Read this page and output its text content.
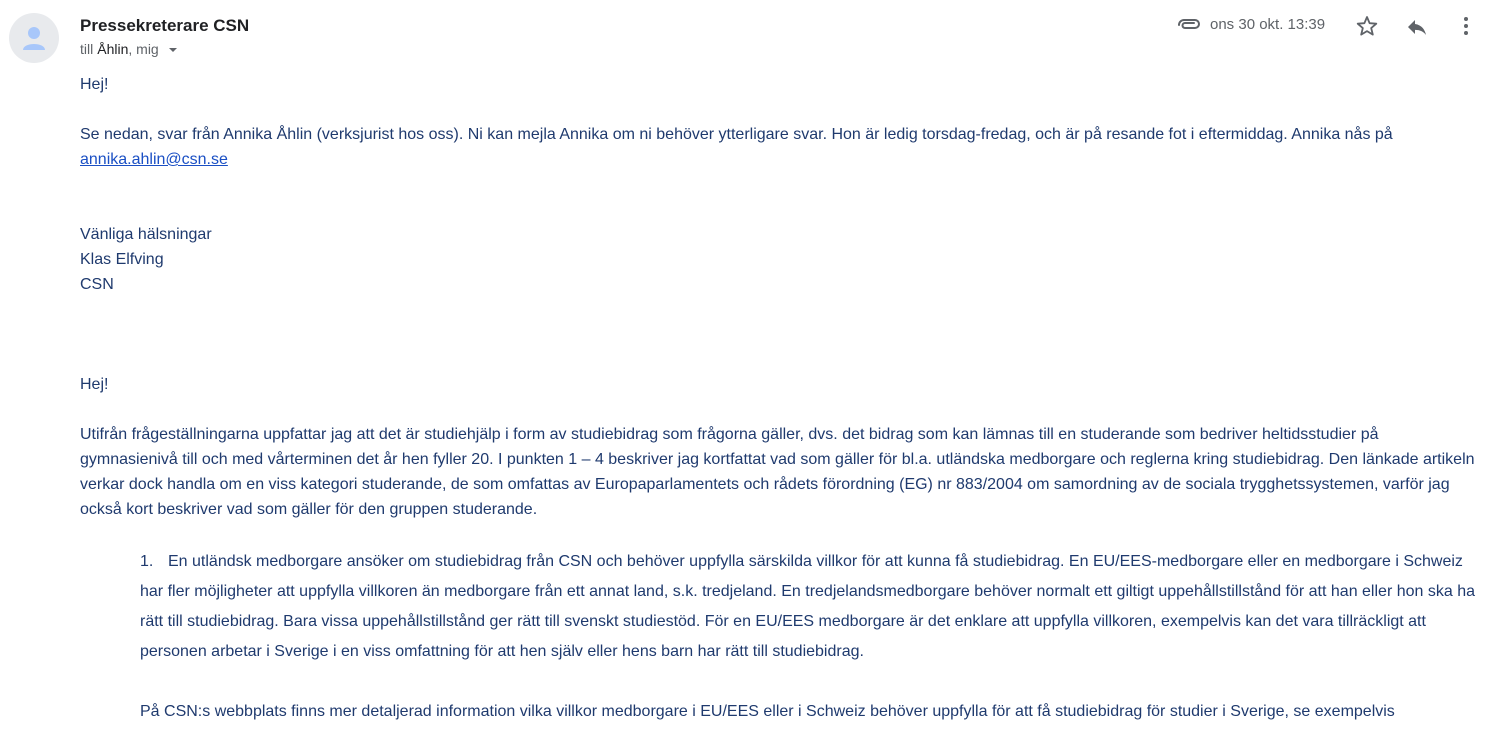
Pressekreterare CSN
till Åhlin , mig
ons 30 okt. 13:39

Hej!

Se nedan, svar från Annika Åhlin (verksjurist hos oss). Ni kan mejla Annika om ni behöver ytterligare svar. Hon är ledig torsdag-fredag, och är på resande fot i eftermiddag. Annika nås på annika.ahlin@csn.se

Vänliga hälsningar

Klas Elfving

CSN

Hej!

Utifrån frågeställningarna uppfattar jag att det är studiehjälp i form av studiebidrag som frågorna gäller, dvs. det bidrag som kan lämnas till en studerande som bedriver heltidsstudier på gymnasienivå till och med vårterminen det år hen fyller 20. I punkten 1 – 4 beskriver jag kortfattat vad som gäller för bl.a. utländska medborgare och reglerna kring studiebidrag. Den länkade artikeln verkar dock handla om en viss kategori studerande, de som omfattas av Europaparlamentets och rådets förordning (EG) nr 883/2004 om samordning av de sociala trygghetssystemen, varför jag också kort beskriver vad som gäller för den gruppen studerande.

1. En utländsk medborgare ansöker om studiebidrag från CSN och behöver uppfylla särskilda villkor för att kunna få studiebidrag. En EU/EES-medborgare eller en medborgare i Schweiz har fler möjligheter att uppfylla villkoren än medborgare från ett annat land, s.k. tredjeland. En tredjelandsmedborgare behöver normalt ett giltigt uppehållstillstånd för att han eller hon ska ha rätt till studiebidrag. Bara vissa uppehållstillstånd ger rätt till svenskt studiestöd. För en EU/EES medborgare är det enklare att uppfylla villkoren, exempelvis kan det vara tillräckligt att personen arbetar i Sverige i en viss omfattning för att hen själv eller hens barn har rätt till studiebidrag.

På CSN:s webbplats finns mer detaljerad information vilka villkor medborgare i EU/EES eller i Schweiz behöver uppfylla för att få studiebidrag för studier i Sverige, se exempelvis
